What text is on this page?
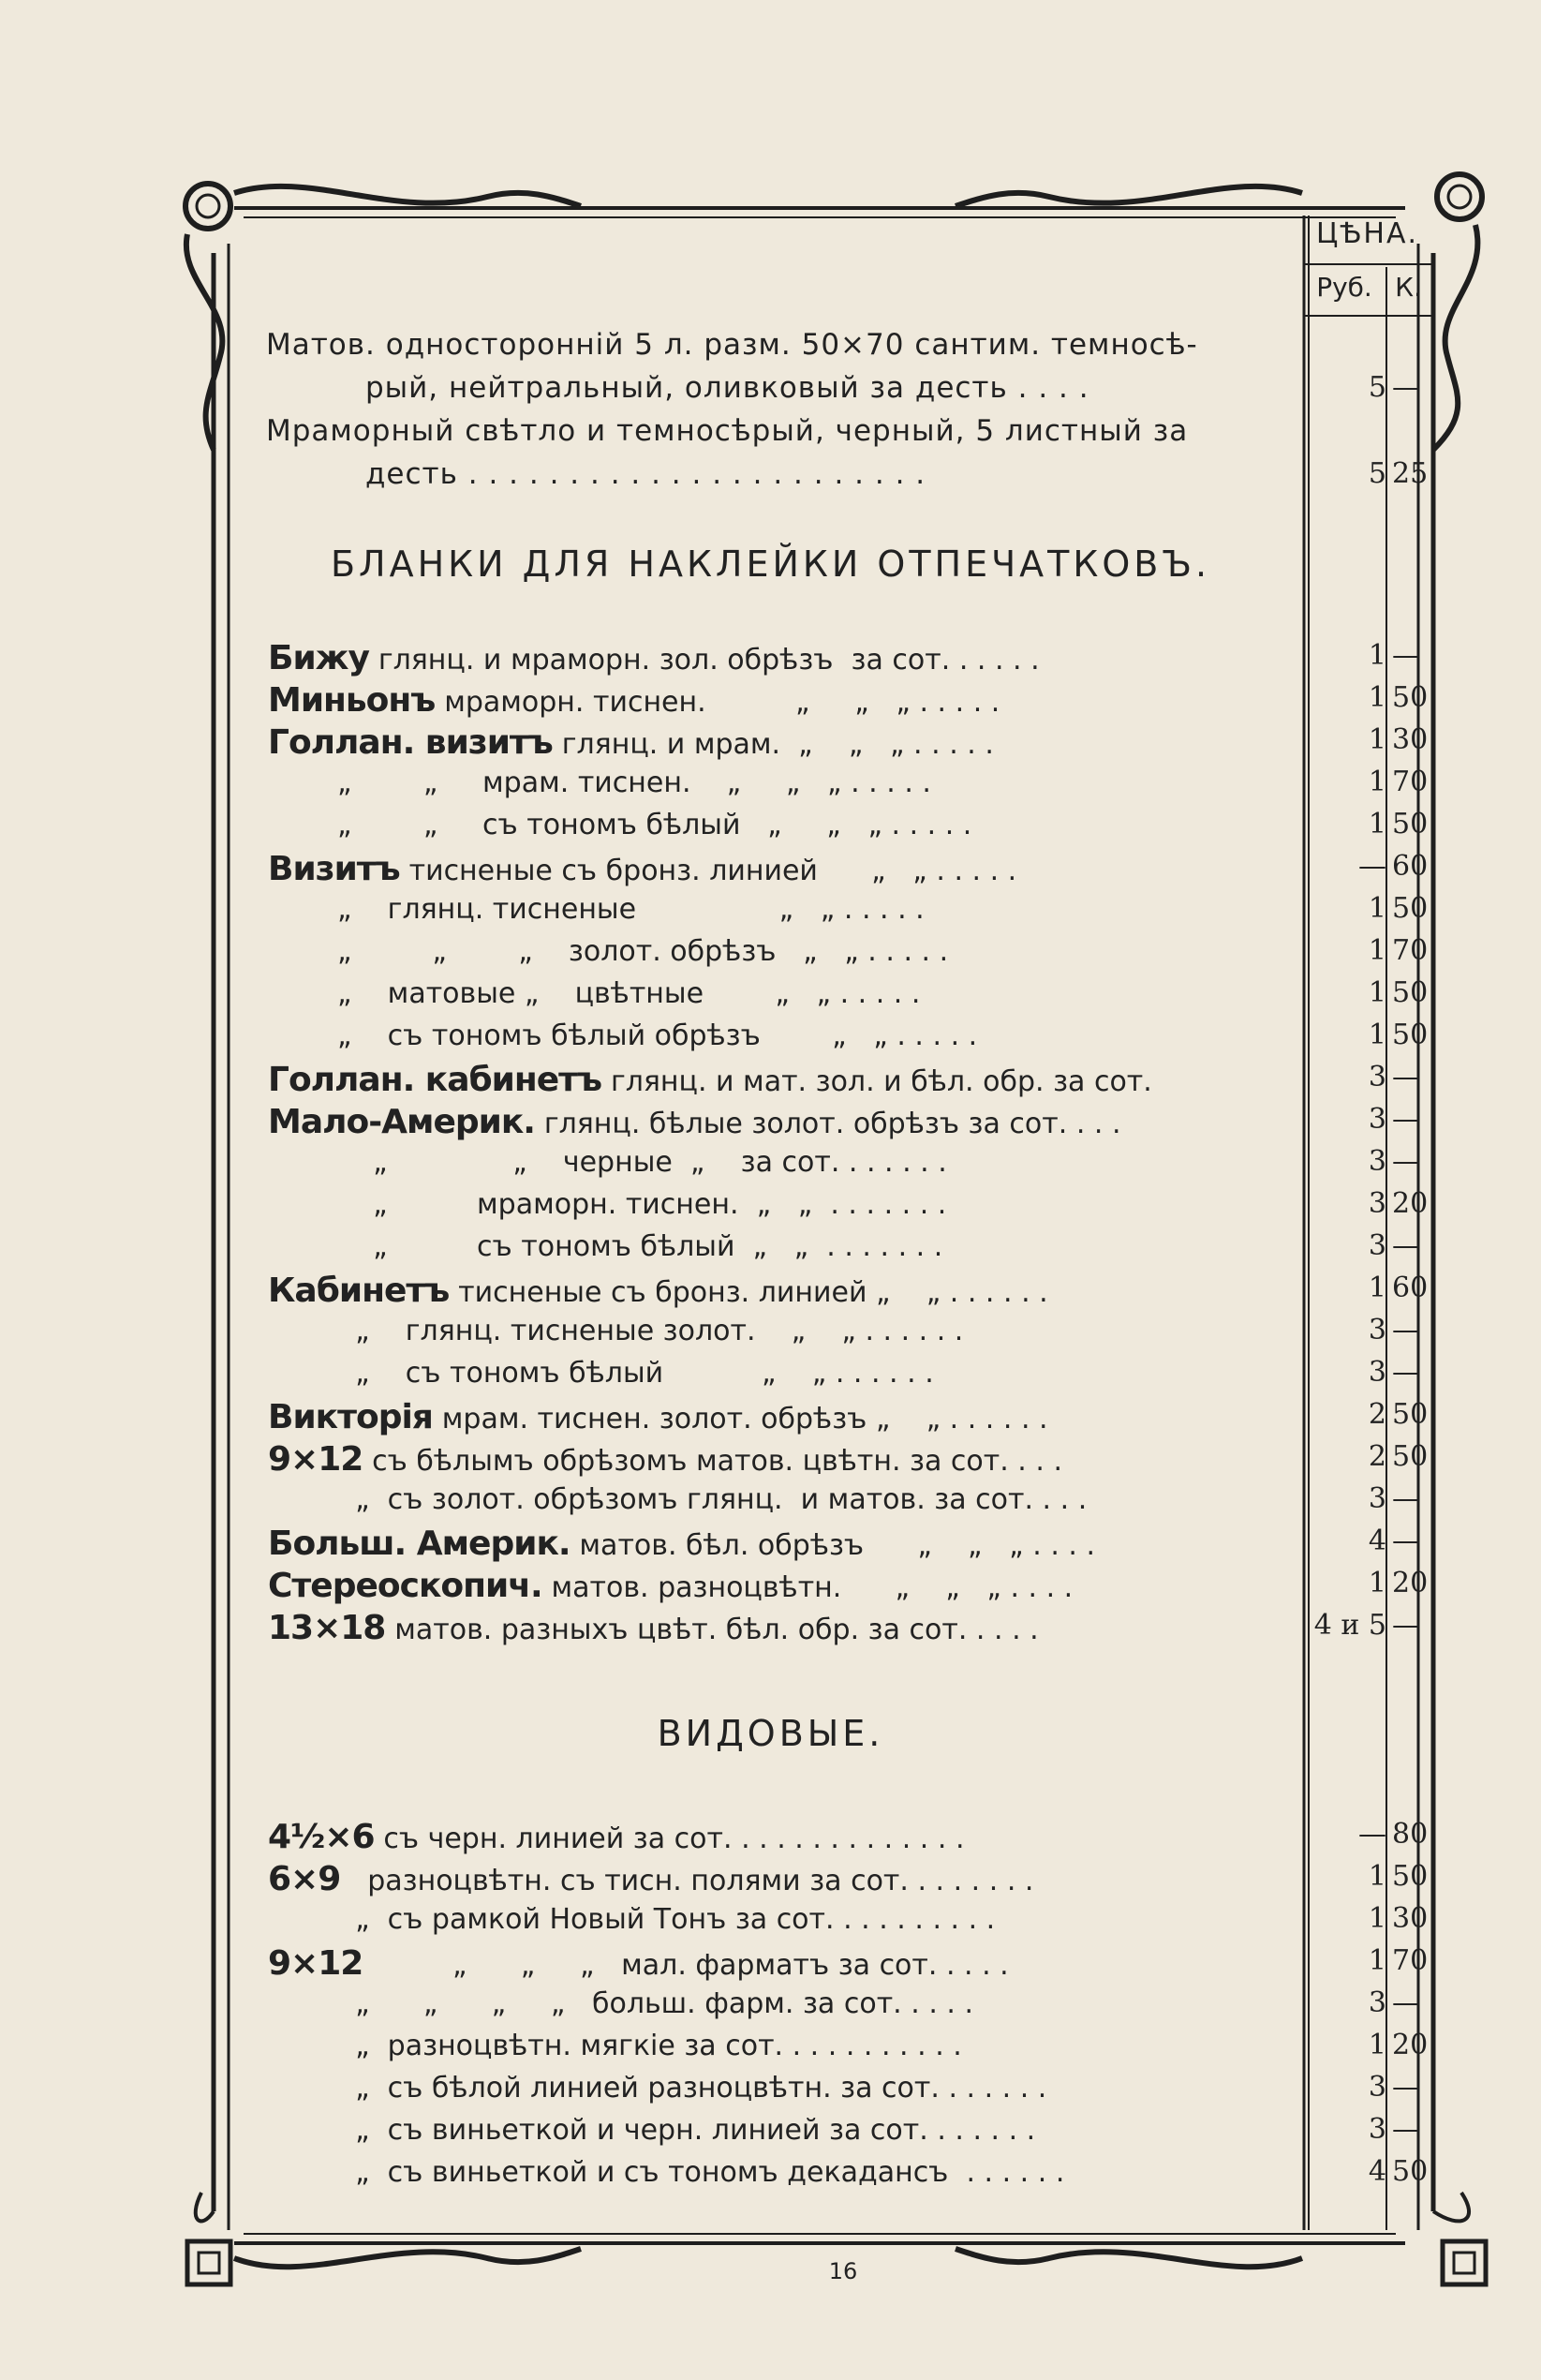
ЦѢНА.
Руб. К.
Матов. односторонній 5 л. разм. 50×70 сантим. темносѣ-
рый, нейтральный, оливковый за десть . . . .	5 —
Мраморный свѣтло и темносѣрый, черный, 5 листный за
десть . . . . . . . . . . . . . . . . . . . . . . .	5 25
БЛАНКИ ДЛЯ НАКЛЕЙКИ ОТПЕЧАТКОВЪ.
Бижу глянц. и мраморн. зол. обрѣзъ  за сот. . . . . .	1 —
Миньонъ мраморн. тиснен.          „     „   „ . . . . .	1 50
Голлан. визитъ глянц. и мрам.  „    „   „ . . . . .	1 30
„        „     мрам. тиснен.    „     „   „ . . . . .	1 70
„        „     съ тономъ бѣлый   „     „   „ . . . . .	1 50
Визитъ тисненые съ бронз. линией      „   „ . . . . .	— 60
„    глянц. тисненые                „   „ . . . . .	1 50
„         „        „    золот. обрѣзъ   „   „ . . . . .	1 70
„    матовые „    цвѣтные        „   „ . . . . .	1 50
„    съ тономъ бѣлый обрѣзъ        „   „ . . . . .	1 50
Голлан. кабинетъ глянц. и мат. зол. и бѣл. обр. за сот.	3 —
Мало-Америк. глянц. бѣлые золот. обрѣзъ за сот. . . .	3 —
„              „    черные  „    за сот. . . . . . .	3 —
„          мраморн. тиснен.  „   „  . . . . . . .	3 20
„          съ тономъ бѣлый  „   „  . . . . . . .	3 —
Кабинетъ тисненые съ бронз. линией „    „ . . . . . .	1 60
„    глянц. тисненые золот.    „    „ . . . . . .	3 —
„    съ тономъ бѣлый           „    „ . . . . . .	3 —
Викторія мрам. тиснен. золот. обрѣзъ „    „ . . . . . .	2 50
9×12 съ бѣлымъ обрѣзомъ матов. цвѣтн. за сот. . . .	2 50
„  съ золот. обрѣзомъ глянц.  и матов. за сот. . . .	3 —
Больш. Америк. матов. бѣл. обрѣзъ      „    „   „ . . . .	4 —
Стереоскопич. матов. разноцвѣтн.      „    „   „ . . . .	1 20
13×18 матов. разныхъ цвѣт. бѣл. обр. за сот. . . . .	4 и 5 —
ВИДОВЫЕ.
4½×6 съ черн. линией за сот. . . . . . . . . . . . . .	— 80
6×9   разноцвѣтн. съ тисн. полями за сот. . . . . . . .	1 50
„  съ рамкой Новый Тонъ за сот. . . . . . . . . .	1 30
9×12          „      „     „   мал. фарматъ за сот. . . . .	1 70
„      „      „     „   больш. фарм. за сот. . . . .	3 —
„  разноцвѣтн. мягкіе за сот. . . . . . . . . . .	1 20
„  съ бѣлой линией разноцвѣтн. за сот. . . . . . .	3 —
„  съ виньеткой и черн. линией за сот. . . . . . .	3 —
„  съ виньеткой и съ тономъ декадансъ  . . . . . .	4 50
16
